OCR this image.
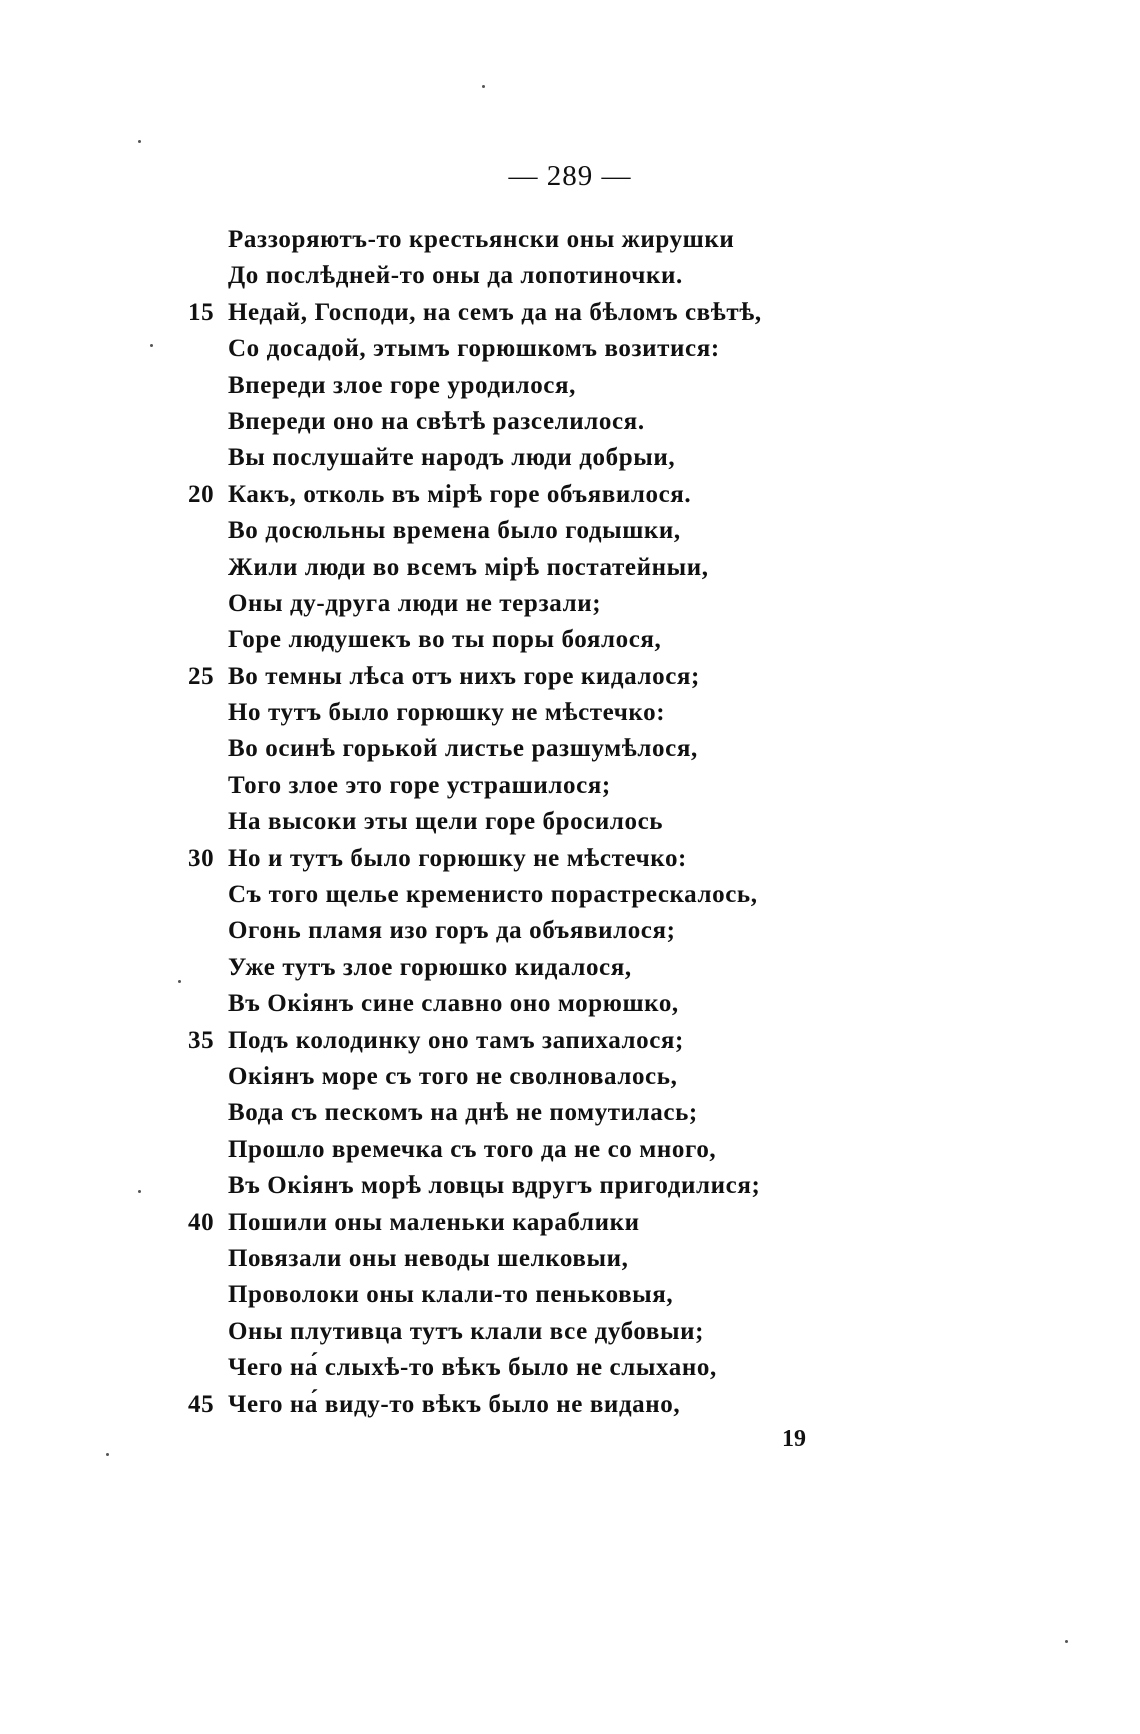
— 289 —
Раззоряютъ-то крестьянски оны жирушки
До послѣдней-то оны да лопотиночки.
15 Недай, Господи, на семъ да на бѣломъ свѣтѣ,
Со досадой, этымъ горюшкомъ возитися:
Впереди злое горе уродилося,
Впереди оно на свѣтѣ разселилося.
Вы послушайте народъ люди добрыи,
20 Какъ, отколь въ мірѣ горе объявилося.
Во досюльны времена было годышки,
Жили люди во всемъ мірѣ постатейныи,
Оны ду-друга люди не терзали;
Горе людушекъ во ты поры боялося,
25 Во темны лѣса отъ нихъ горе кидалося;
Но тутъ было горюшку не мѣстечко:
Во осинѣ горькой листье разшумѣлося,
Того злое это горе устрашилося;
На высоки эты щели горе бросилось
30 Но и тутъ было горюшку не мѣстечко:
Съ того щелье кременисто порастрескалось,
Огонь пламя изо горъ да объявилося;
Уже тутъ злое горюшко кидалося,
Въ Окіянъ сине славно оно морюшко,
35 Подъ колодинку оно тамъ запихалося;
Окіянъ море съ того не сволновалось,
Вода съ пескомъ на днѣ не помутилась;
Прошло времечка съ того да не со много,
Въ Окіянъ морѣ ловцы вдругъ пригодилися;
40 Пошили оны маленьки караблики
Повязали оны неводы шелковыи,
Проволоки оны клали-то пеньковыя,
Оны плутивца тутъ клали все дубовыи;
Чего на́ слыхѣ-то вѣкъ было не слыхано,
45 Чего на́ виду-то вѣкъ было не видано,
19
